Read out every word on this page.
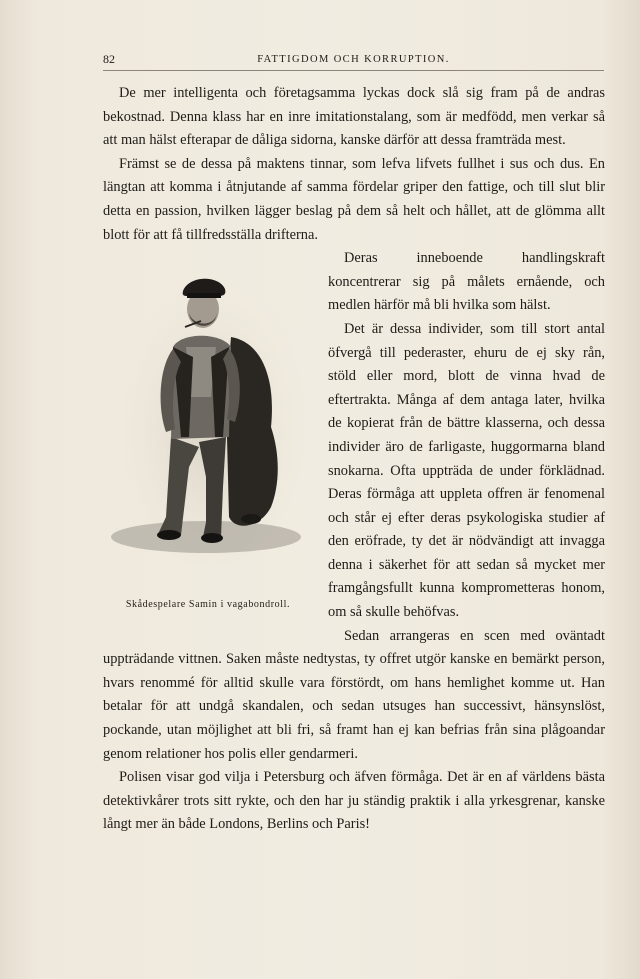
82	FATTIGDOM OCH KORRUPTION.

De mer intelligenta och företagsamma lyckas dock slå sig fram på de andras bekostnad. Denna klass har en inre imitationstalang, som är medfödd, men verkar så att man hälst efterapar de dåliga sidorna, kanske därför att dessa framträda mest.

Främst se de dessa på maktens tinnar, som lefva lifvets fullhet i sus och dus. En längtan att komma i åtnjutande af samma fördelar griper den fattige, och till slut blir detta en passion, hvilken lägger beslag på dem så helt och hållet, att de glömma allt blott för att få tillfredsställa drifterna.

Skådespelare Samin i vagabondroll.

Deras inneboende handlingskraft koncentrerar sig på målets ernående, och medlen härför må bli hvilka som hälst.

Det är dessa individer, som till stort antal öfvergå till pederaster, ehuru de ej sky rån, stöld eller mord, blott de vinna hvad de eftertrakta. Många af dem antaga later, hvilka de kopierat från de bättre klasserna, och dessa individer äro de farligaste, huggormarna bland snokarna. Ofta uppträda de under förklädnad. Deras förmåga att uppleta offren är fenomenal och står ej efter deras psykologiska studier af den eröfrade, ty det är nödvändigt att invagga denna i säkerhet för att sedan så mycket mer framgångsfullt kunna komprometteras honom, om så skulle behöfvas.

Sedan arrangeras en scen med oväntadt uppträdande vittnen. Saken måste nedtystas, ty offret utgör kanske en bemärkt person, hvars renommé för alltid skulle vara förstördt, om hans hemlighet komme ut. Han betalar för att undgå skandalen, och sedan utsuges han successivt, hänsynslöst, pockande, utan möjlighet att bli fri, så framt han ej kan befrias från sina plågoandar genom relationer hos polis eller gendarmeri.

Polisen visar god vilja i Petersburg och äfven förmåga. Det är en af världens bästa detektivkårer trots sitt rykte, och den har ju ständig praktik i alla yrkesgrenar, kanske långt mer än både Londons, Berlins och Paris!
